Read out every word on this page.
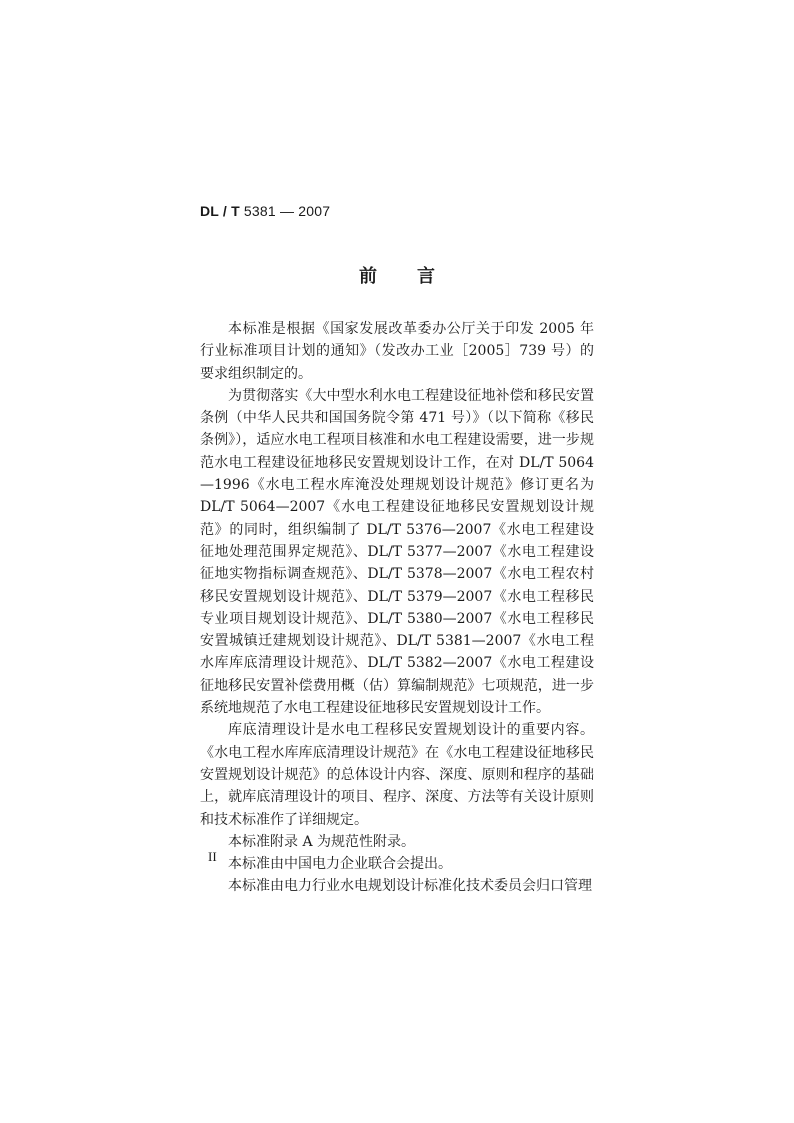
DL / T 5381 — 2007
前 言

本标准是根据《国家发展改革委办公厅关于印发 2005 年行业标准项目计划的通知》（发改办工业［2005］739 号）的要求组织制定的。

为贯彻落实《大中型水利水电工程建设征地补偿和移民安置条例（中华人民共和国国务院令第 471 号）》（以下简称《移民条例》），适应水电工程项目核准和水电工程建设需要，进一步规范水电工程建设征地移民安置规划设计工作，在对 DL/T 5064—1996《水电工程水库淹没处理规划设计规范》修订更名为 DL/T 5064—2007《水电工程建设征地移民安置规划设计规范》的同时，组织编制了 DL/T 5376—2007《水电工程建设征地处理范围界定规范》、DL/T 5377—2007《水电工程建设征地实物指标调查规范》、DL/T 5378—2007《水电工程农村移民安置规划设计规范》、DL/T 5379—2007《水电工程移民专业项目规划设计规范》、DL/T 5380—2007《水电工程移民安置城镇迁建规划设计规范》、DL/T 5381—2007《水电工程水库库底清理设计规范》、DL/T 5382—2007《水电工程建设征地移民安置补偿费用概（估）算编制规范》七项规范，进一步系统地规范了水电工程建设征地移民安置规划设计工作。

库底清理设计是水电工程移民安置规划设计的重要内容。《水电工程水库库底清理设计规范》在《水电工程建设征地移民安置规划设计规范》的总体设计内容、深度、原则和程序的基础上，就库底清理设计的项目、程序、深度、方法等有关设计原则和技术标准作了详细规定。

本标准附录 A 为规范性附录。

本标准由中国电力企业联合会提出。

本标准由电力行业水电规划设计标准化技术委员会归口管理

II
